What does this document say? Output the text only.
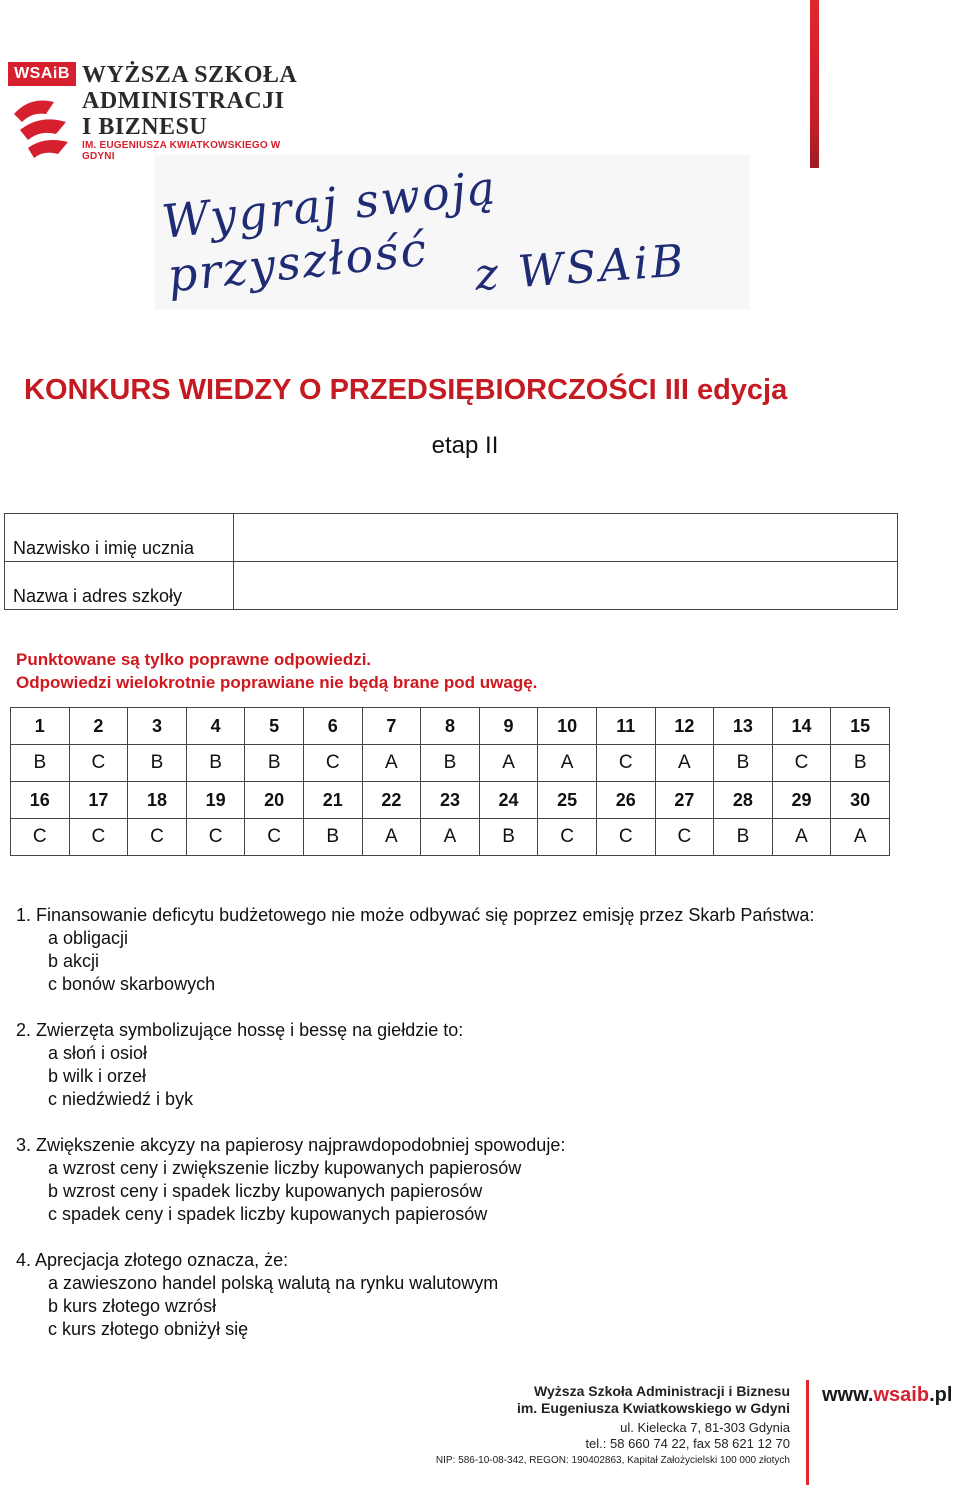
WSAiB WYŻSZA SZKOŁA
ADMINISTRACJI
I BIZNESU
IM. EUGENIUSZA KWIATKOWSKIEGO W GDYNI
Wygraj swoją przyszłość z WSAiB
KONKURS WIEDZY O PRZEDSIĘBIORCZOŚCI III edycja
etap II
Nazwisko i imię ucznia	
Nazwa i adres szkoły	
Punktowane są tylko poprawne odpowiedzi.
Odpowiedzi wielokrotnie poprawiane nie będą brane pod uwagę.
1	2	3	4	5	6	7	8	9	10	11	12	13	14	15
B	C	B	B	B	C	A	B	A	A	C	A	B	C	B
16	17	18	19	20	21	22	23	24	25	26	27	28	29	30
C	C	C	C	C	B	A	A	B	C	C	C	B	A	A
1. Finansowanie deficytu budżetowego nie może odbywać się poprzez emisję przez Skarb Państwa:
a obligacji
b akcji
c bonów skarbowych
2. Zwierzęta symbolizujące hossę i bessę na giełdzie to:
a słoń i osioł
b wilk i orzeł
c niedźwiedź i byk
3. Zwiększenie akcyzy na papierosy najprawdopodobniej spowoduje:
a wzrost ceny i zwiększenie liczby kupowanych papierosów
b wzrost ceny i spadek liczby kupowanych papierosów
c spadek ceny i spadek liczby kupowanych papierosów
4. Aprecjacja złotego oznacza, że:
a zawieszono handel polską walutą na rynku walutowym
b kurs złotego wzrósł
c kurs złotego obniżył się
Wyższa Szkoła Administracji i Biznesu
im. Eugeniusza Kwiatkowskiego w Gdyni
ul. Kielecka 7, 81-303 Gdynia
tel.: 58 660 74 22, fax 58 621 12 70
NIP: 586-10-08-342, REGON: 190402863, Kapitał Założycielski 100 000 złotych
www.wsaib.pl
